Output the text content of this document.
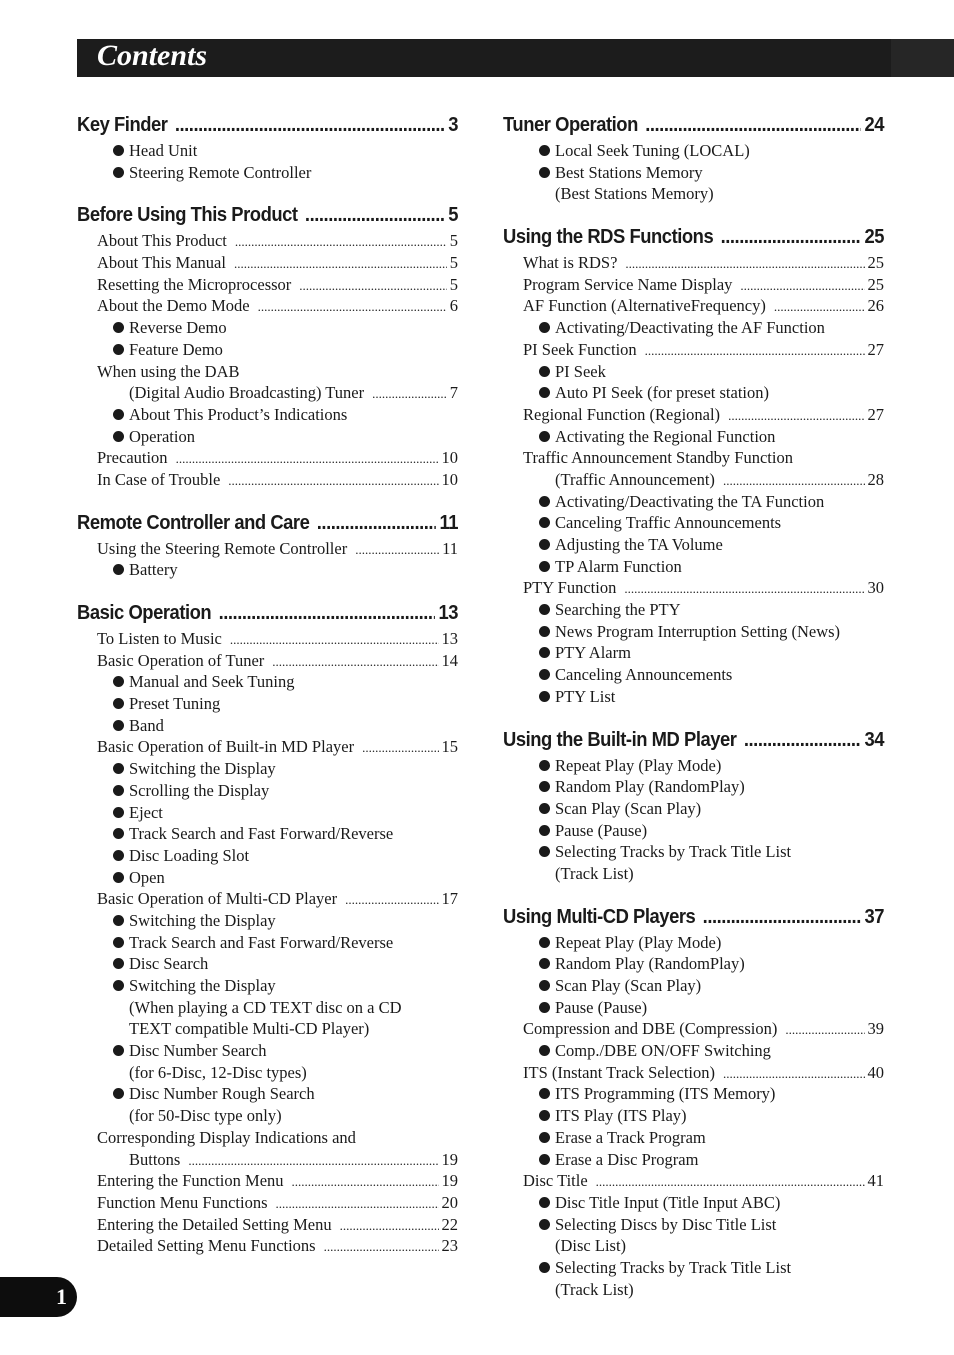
Contents
Key Finder .....	3
Head Unit
Steering Remote Controller
Before Using This Product .....	5
About This Product .....	5
About This Manual .....	5
Resetting the Microprocessor .....	5
About the Demo Mode .....	6
Reverse Demo
Feature Demo
When using the DAB
(Digital Audio Broadcasting) Tuner .....	7
About This Product’s Indications
Operation
Precaution .....	10
In Case of Trouble .....	10
Remote Controller and Care .....	11
Using the Steering Remote Controller .....	11
Battery
Basic Operation .....	13
To Listen to Music .....	13
Basic Operation of Tuner .....	14
Manual and Seek Tuning
Preset Tuning
Band
Basic Operation of Built-in MD Player .....	15
Switching the Display
Scrolling the Display
Eject
Track Search and Fast Forward/Reverse
Disc Loading Slot
Open
Basic Operation of Multi-CD Player .....	17
Switching the Display
Track Search and Fast Forward/Reverse
Disc Search
Switching the Display
(When playing a CD TEXT disc on a CD
TEXT compatible Multi-CD Player)
Disc Number Search
(for 6-Disc, 12-Disc types)
Disc Number Rough Search
(for 50-Disc type only)
Corresponding Display Indications and
Buttons .....	19
Entering the Function Menu .....	19
Function Menu Functions .....	20
Entering the Detailed Setting Menu .....	22
Detailed Setting Menu Functions .....	23
Tuner Operation .....	24
Local Seek Tuning (LOCAL)
Best Stations Memory
(Best Stations Memory)
Using the RDS Functions .....	25
What is RDS? .....	25
Program Service Name Display .....	25
AF Function (AlternativeFrequency) .....	26
Activating/Deactivating the AF Function
PI Seek Function .....	27
PI Seek
Auto PI Seek (for preset station)
Regional Function (Regional) .....	27
Activating the Regional Function
Traffic Announcement Standby Function
(Traffic Announcement) .....	28
Activating/Deactivating the TA Function
Canceling Traffic Announcements
Adjusting the TA Volume
TP Alarm Function
PTY Function .....	30
Searching the PTY
News Program Interruption Setting (News)
PTY Alarm
Canceling Announcements
PTY List
Using the Built-in MD Player .....	34
Repeat Play (Play Mode)
Random Play (RandomPlay)
Scan Play (Scan Play)
Pause (Pause)
Selecting Tracks by Track Title List
(Track List)
Using Multi-CD Players .....	37
Repeat Play (Play Mode)
Random Play (RandomPlay)
Scan Play (Scan Play)
Pause (Pause)
Compression and DBE (Compression) .....	39
Comp./DBE ON/OFF Switching
ITS (Instant Track Selection) .....	40
ITS Programming (ITS Memory)
ITS Play (ITS Play)
Erase a Track Program
Erase a Disc Program
Disc Title .....	41
Disc Title Input (Title Input ABC)
Selecting Discs by Disc Title List
(Disc List)
Selecting Tracks by Track Title List
(Track List)
1
